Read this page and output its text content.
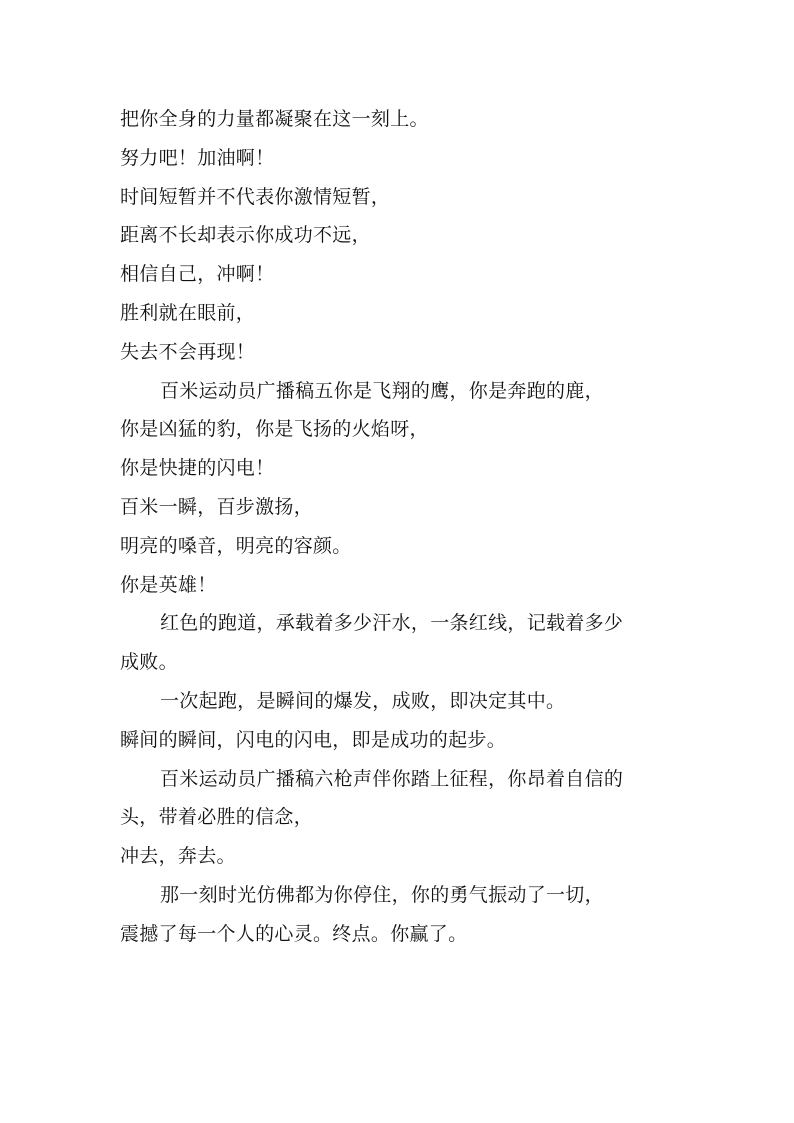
把你全身的力量都凝聚在这一刻上。
努力吧！加油啊！
时间短暂并不代表你激情短暂，
距离不长却表示你成功不远，
相信自己，冲啊！
胜利就在眼前，
失去不会再现！
百米运动员广播稿五你是飞翔的鹰，你是奔跑的鹿，
你是凶猛的豹，你是飞扬的火焰呀，
你是快捷的闪电！
百米一瞬，百步激扬，
明亮的嗓音，明亮的容颜。
你是英雄！
红色的跑道，承载着多少汗水，一条红线，记载着多少
成败。
一次起跑，是瞬间的爆发，成败，即决定其中。
瞬间的瞬间，闪电的闪电，即是成功的起步。
百米运动员广播稿六枪声伴你踏上征程，你昂着自信的
头，带着必胜的信念，
冲去，奔去。
那一刻时光仿佛都为你停住，你的勇气振动了一切，
震撼了每一个人的心灵。终点。你赢了。
